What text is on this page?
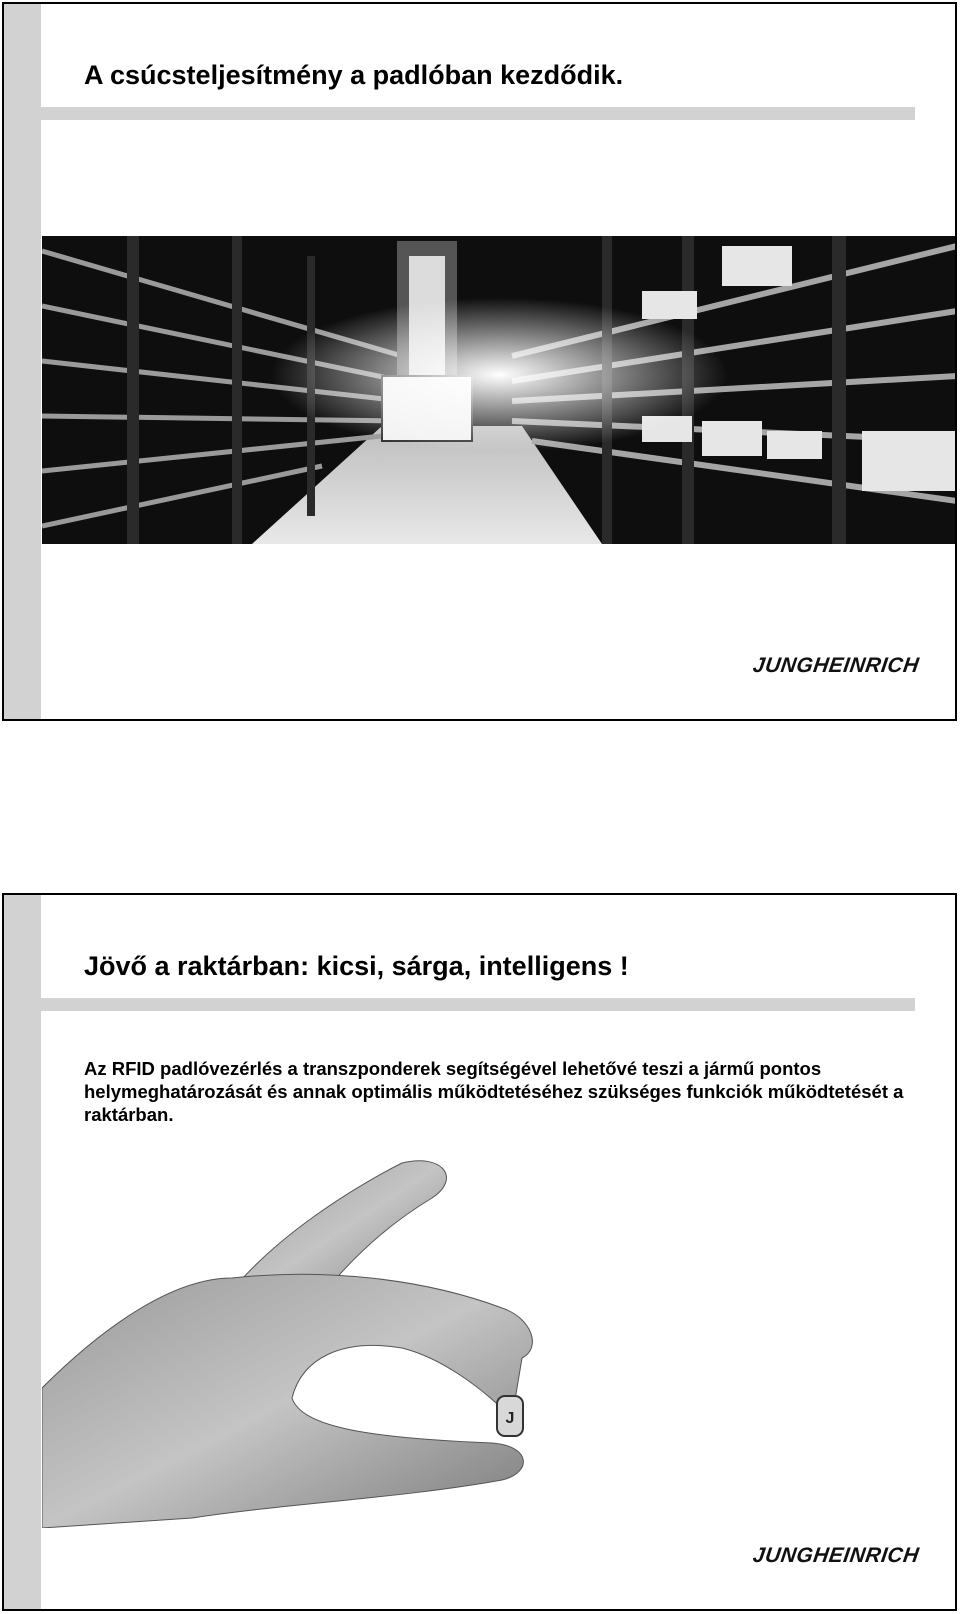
A csúcsteljesítmény a padlóban kezdődik.
JUNGHEINRICH
Jövő a raktárban: kicsi, sárga, intelligens !
Az RFID padlóvezérlés a transzponderek segítségével lehetővé teszi a jármű pontos helymeghatározását és annak optimális működtetéséhez szükséges funkciók működtetését a raktárban.
J
JUNGHEINRICH
